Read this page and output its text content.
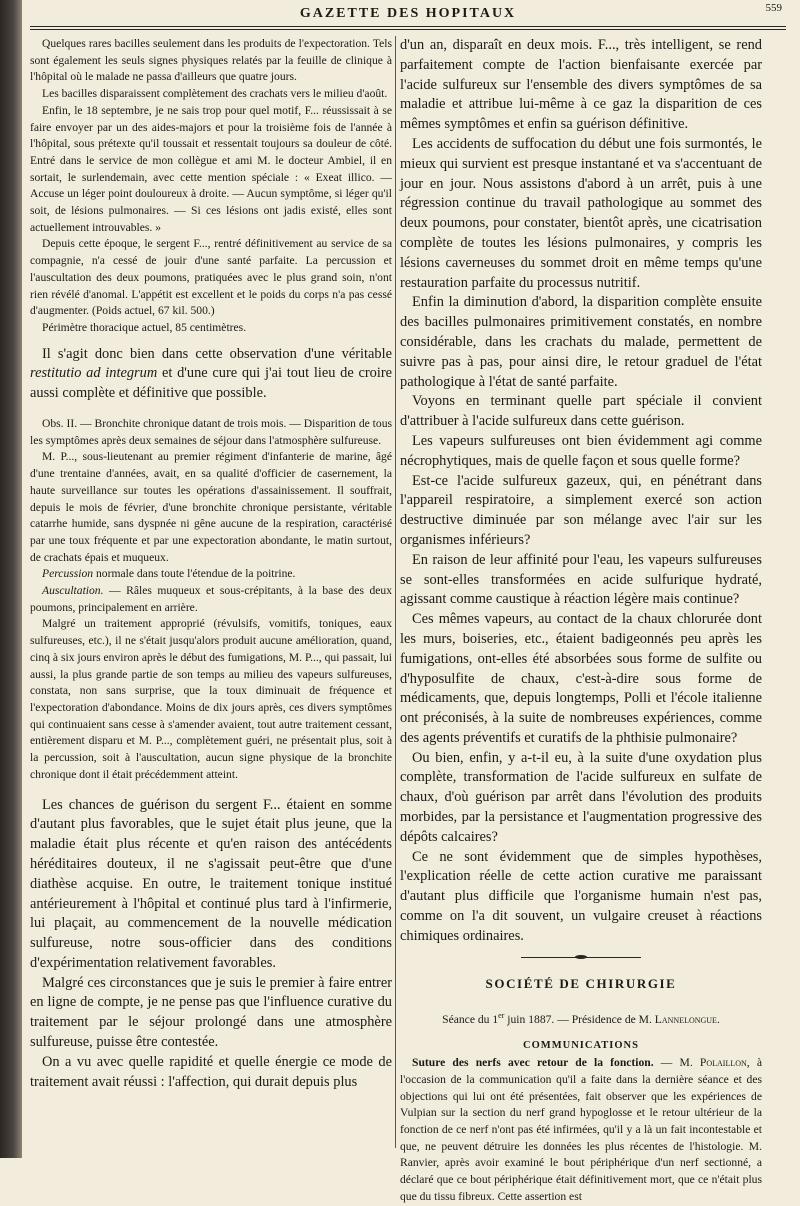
GAZETTE DES HOPITAUX	559

Quelques rares bacilles seulement dans les produits de l'expectoration. Tels sont également les seuls signes physiques relatés par la feuille de clinique à l'hôpital où le malade ne passa d'ailleurs que quatre jours.

Les bacilles disparaissent complètement des crachats vers le milieu d'août.

Enfin, le 18 septembre, je ne sais trop pour quel motif, F... réussissait à se faire envoyer par un des aides-majors et pour la troisième fois de l'année à l'hôpital, sous prétexte qu'il toussait et ressentait toujours sa douleur de côté. Entré dans le service de mon collègue et ami M. le docteur Ambiel, il en sortait, le surlendemain, avec cette mention spéciale : « Exeat illico. — Accuse un léger point douloureux à droite. — Aucun symptôme, si léger qu'il soit, de lésions pulmonaires. — Si ces lésions ont jadis existé, elles sont actuellement introuvables. »

Depuis cette époque, le sergent F..., rentré définitivement au service de sa compagnie, n'a cessé de jouir d'une santé parfaite. La percussion et l'auscultation des deux poumons, pratiquées avec le plus grand soin, n'ont rien révélé d'anomal. L'appétit est excellent et le poids du corps n'a pas cessé d'augmenter. (Poids actuel, 67 kil. 500.)

Périmètre thoracique actuel, 85 centimètres.

Il s'agit donc bien dans cette observation d'une véritable restitutio ad integrum et d'une cure qui j'ai tout lieu de croire aussi complète et définitive que possible.

Obs. II. — Bronchite chronique datant de trois mois. — Disparition de tous les symptômes après deux semaines de séjour dans l'atmosphère sulfureuse.

M. P..., sous-lieutenant au premier régiment d'infanterie de marine, âgé d'une trentaine d'années, avait, en sa qualité d'officier de casernement, la haute surveillance sur toutes les opérations d'assainissement. Il souffrait, depuis le mois de février, d'une bronchite chronique persistante, véritable catarrhe humide, sans dyspnée ni gêne aucune de la respiration, caractérisé par une toux fréquente et par une expectoration abondante, le matin surtout, de crachats épais et muqueux.

Percussion normale dans toute l'étendue de la poitrine.

Auscultation. — Râles muqueux et sous-crépitants, à la base des deux poumons, principalement en arrière.

Malgré un traitement approprié (révulsifs, vomitifs, toniques, eaux sulfureuses, etc.), il ne s'était jusqu'alors produit aucune amélioration, quand, cinq à six jours environ après le début des fumigations, M. P..., qui passait, lui aussi, la plus grande partie de son temps au milieu des vapeurs sulfureuses, constata, non sans surprise, que la toux diminuait de fréquence et l'expectoration d'abondance. Moins de dix jours après, ces divers symptômes qui continuaient sans cesse à s'amender avaient, tout autre traitement cessant, entièrement disparu et M. P..., complètement guéri, ne présentait plus, soit à la percussion, soit à l'auscultation, aucun signe physique de la bronchite chronique dont il était précédemment atteint.

Les chances de guérison du sergent F... étaient en somme d'autant plus favorables, que le sujet était plus jeune, que la maladie était plus récente et qu'en raison des antécédents héréditaires douteux, il ne s'agissait peut-être que d'une diathèse acquise. En outre, le traitement tonique institué antérieurement à l'hôpital et continué plus tard à l'infirmerie, lui plaçait, au commencement de la nouvelle médication sulfureuse, notre sous-officier dans des conditions d'expérimentation relativement favorables.

Malgré ces circonstances que je suis le premier à faire entrer en ligne de compte, je ne pense pas que l'influence curative du traitement par le séjour prolongé dans une atmosphère sulfureuse, puisse être contestée.

On a vu avec quelle rapidité et quelle énergie ce mode de traitement avait réussi : l'affection, qui durait depuis plus

d'un an, disparaît en deux mois. F..., très intelligent, se rend parfaitement compte de l'action bienfaisante exercée par l'acide sulfureux sur l'ensemble des divers symptômes de sa maladie et attribue lui-même à ce gaz la disparition de ces mêmes symptômes et enfin sa guérison définitive.

Les accidents de suffocation du début une fois surmontés, le mieux qui survient est presque instantané et va s'accentuant de jour en jour. Nous assistons d'abord à un arrêt, puis à une régression continue du travail pathologique au sommet des deux poumons, pour constater, bientôt après, une cicatrisation complète de toutes les lésions pulmonaires, y compris les lésions caverneuses du sommet droit en même temps qu'une restauration parfaite du processus nutritif.

Enfin la diminution d'abord, la disparition complète ensuite des bacilles pulmonaires primitivement constatés, en nombre considérable, dans les crachats du malade, permettent de suivre pas à pas, pour ainsi dire, le retour graduel de l'état pathologique à l'état de santé parfaite.

Voyons en terminant quelle part spéciale il convient d'attribuer à l'acide sulfureux dans cette guérison.

Les vapeurs sulfureuses ont bien évidemment agi comme nécrophytiques, mais de quelle façon et sous quelle forme?

Est-ce l'acide sulfureux gazeux, qui, en pénétrant dans l'appareil respiratoire, a simplement exercé son action destructive diminuée par son mélange avec l'air sur les organismes inférieurs?

En raison de leur affinité pour l'eau, les vapeurs sulfureuses se sont-elles transformées en acide sulfurique hydraté, agissant comme caustique à réaction légère mais continue?

Ces mêmes vapeurs, au contact de la chaux chlorurée dont les murs, boiseries, etc., étaient badigeonnés peu après les fumigations, ont-elles été absorbées sous forme de sulfite ou d'hyposulfite de chaux, c'est-à-dire sous forme de médicaments, que, depuis longtemps, Polli et l'école italienne ont préconisés, à la suite de nombreuses expériences, comme des agents préventifs et curatifs de la phthisie pulmonaire?

Ou bien, enfin, y a-t-il eu, à la suite d'une oxydation plus complète, transformation de l'acide sulfureux en sulfate de chaux, d'où guérison par arrêt dans l'évolution des produits morbides, par la persistance et l'augmentation progressive des dépôts calcaires?

Ce ne sont évidemment que de simples hypothèses, l'explication réelle de cette action curative me paraissant d'autant plus difficile que l'organisme humain n'est pas, comme on l'a dit souvent, un vulgaire creuset à réactions chimiques ordinaires.

SOCIÉTÉ DE CHIRURGIE

Séance du 1er juin 1887. — Présidence de M. Lannelongue.

COMMUNICATIONS

Suture des nerfs avec retour de la fonction. — M. Polaillon, à l'occasion de la communication qu'il a faite dans la dernière séance et des objections qui lui ont été présentées, fait observer que les expériences de Vulpian sur la section du nerf grand hypoglosse et le retour ultérieur de la fonction de ce nerf n'ont pas été infirmées, qu'il y a là un fait incontestable et que, ne peuvent détruire les données les plus récentes de l'histologie. M. Ranvier, après avoir examiné le bout périphérique d'un nerf sectionné, a déclaré que ce bout périphérique était définitivement mort, que ce n'était plus que du tissu fibreux. Cette assertion est
